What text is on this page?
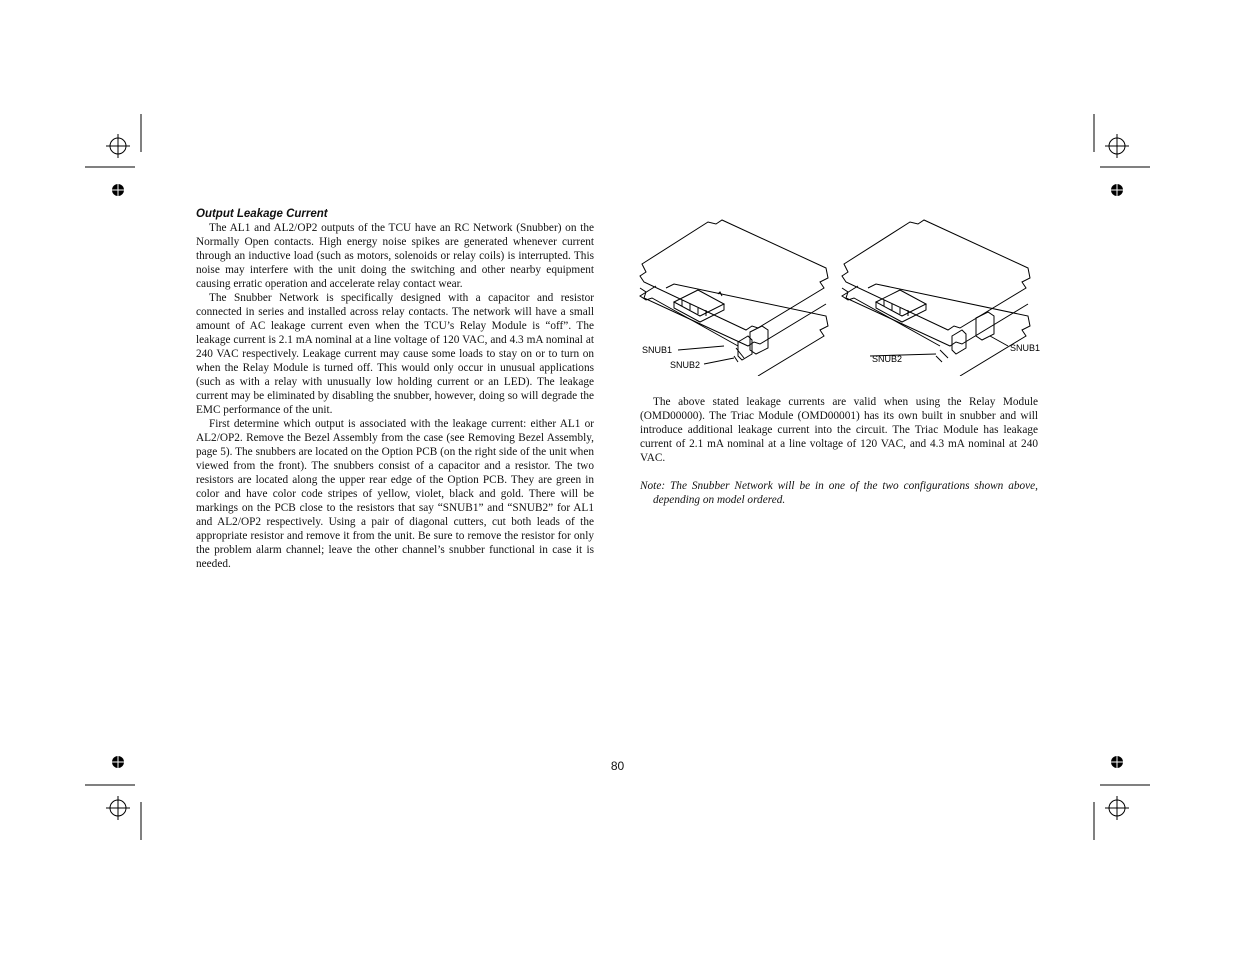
Output Leakage Current

The AL1 and AL2/OP2 outputs of the TCU have an RC Network (Snubber) on the Normally Open contacts. High energy noise spikes are generated whenever current through an inductive load (such as motors, solenoids or relay coils) is interrupted. This noise may interfere with the unit doing the switching and other nearby equipment causing erratic operation and accelerate relay contact wear.

The Snubber Network is specifically designed with a capacitor and resistor connected in series and installed across relay contacts. The network will have a small amount of AC leakage current even when the TCU’s Relay Module is “off”. The leakage current is 2.1 mA nominal at a line voltage of 120 VAC, and 4.3 mA nominal at 240 VAC respectively. Leakage current may cause some loads to stay on or to turn on when the Relay Module is turned off. This would only occur in unusual applications (such as with a relay with unusually low holding current or an LED). The leakage current may be eliminated by disabling the snubber, however, doing so will degrade the EMC performance of the unit.

First determine which output is associated with the leakage current: either AL1 or AL2/OP2. Remove the Bezel Assembly from the case (see Removing Bezel Assembly, page 5). The snubbers are located on the Option PCB (on the right side of the unit when viewed from the front). The snubbers consist of a capacitor and a resistor. The two resistors are located along the upper rear edge of the Option PCB. They are green in color and have color code stripes of yellow, violet, black and gold. There will be markings on the PCB close to the resistors that say “SNUB1” and “SNUB2” for AL1 and AL2/OP2 respectively. Using a pair of diagonal cutters, cut both leads of the appropriate resistor and remove it from the unit. Be sure to remove the resistor for only the problem alarm channel; leave the other channel’s snubber functional in case it is needed.

SNUB1
SNUB2
SNUB2
SNUB1

The above stated leakage currents are valid when using the Relay Module (OMD00000). The Triac Module (OMD00001) has its own built in snubber and will introduce additional leakage current into the circuit. The Triac Module has leakage current of 2.1 mA nominal at a line voltage of 120 VAC, and 4.3 mA nominal at 240 VAC.

Note: The Snubber Network will be in one of the two configurations shown above, depending on model ordered.

80
